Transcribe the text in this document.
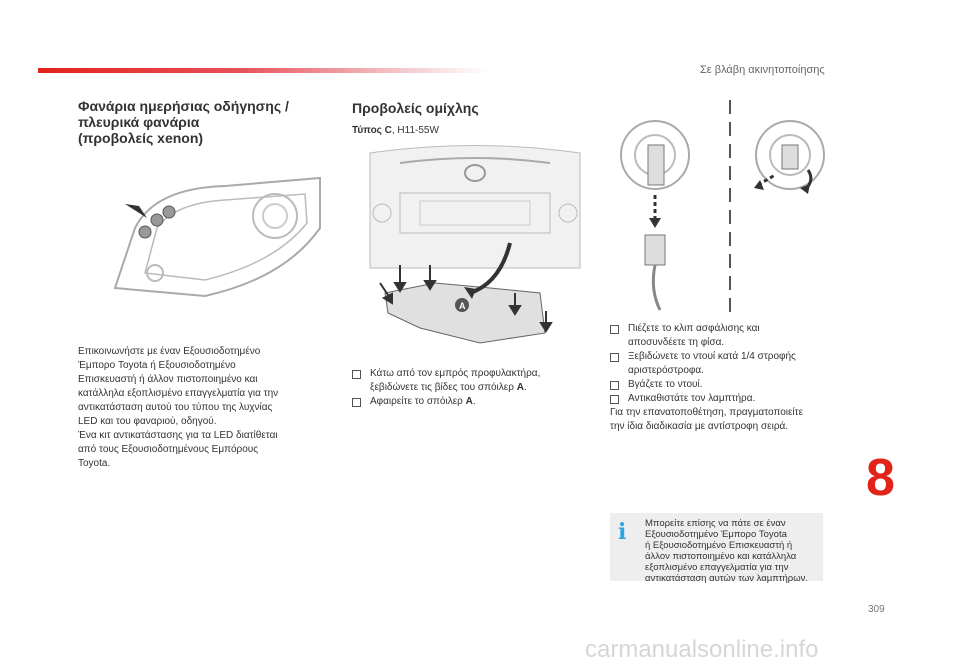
Σε βλάβη ακινητοποίησης
Φανάρια ημερήσιας οδήγησης /
πλευρικά φανάρια
(προβολείς xenon)
Επικοινωνήστε με έναν Εξουσιοδοτημένο
Έμπορο Toyota ή Εξουσιοδοτημένο
Επισκευαστή ή άλλον πιστοποιημένο και
κατάλληλα εξοπλισμένο επαγγελματία για την
αντικατάσταση αυτού του τύπου της λυχνίας
LED και του φαναριού, οδηγού.
Ένα κιτ αντικατάστασης για τα LED διατίθεται
από τους Εξουσιοδοτημένους Εμπόρους
Toyota.
Προβολείς ομίχλης
Τύπος C, H11-55W
A
Κάτω από τον εμπρός προφυλακτήρα,
ξεβιδώνετε τις βίδες του σπόιλερ A.
Αφαιρείτε το σπόιλερ A.
Πιέζετε το κλιπ ασφάλισης και
αποσυνδέετε τη φίσα.
Ξεβιδώνετε το ντουί κατά 1/4 στροφής
αριστερόστροφα.
Βγάζετε το ντουί.
Αντικαθιστάτε τον λαμπτήρα.
Για την επανατοποθέτηση, πραγματοποιείτε
την ίδια διαδικασία με αντίστροφη σειρά.
8
i Μπορείτε επίσης να πάτε σε έναν
Εξουσιοδοτημένο Έμπορο Toyota
ή Εξουσιοδοτημένο Επισκευαστή ή
άλλον πιστοποιημένο και κατάλληλα
εξοπλισμένο επαγγελματία για την
αντικατάσταση αυτών των λαμπτήρων.
309
carmanualsonline.info
